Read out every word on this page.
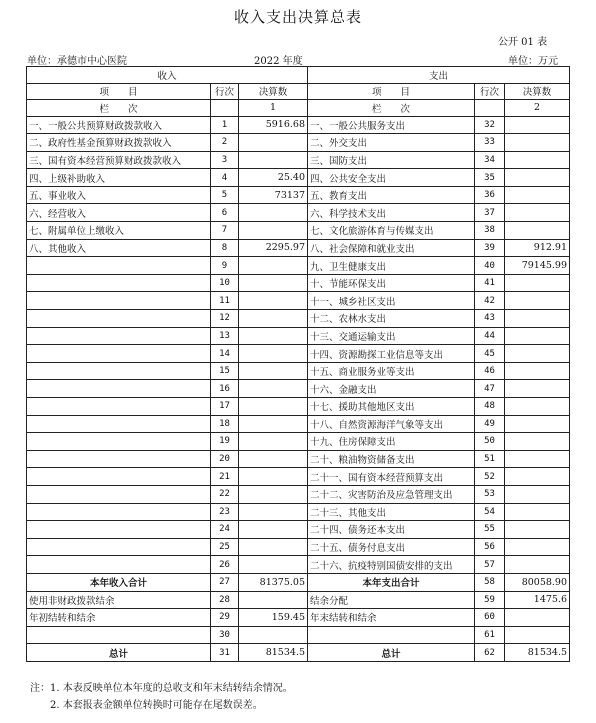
收入支出决算总表
公开 01 表
单位：承德市中心医院	2022 年度	单位：万元
收入			支出		
项　　目	行次	决算数	项　　目	行次	决算数
栏　　次		1	栏　　次		2
一、一般公共预算财政拨款收入	1	5916.68	一、一般公共服务支出	32	
二、政府性基金预算财政拨款收入	2		二、外交支出	33	
三、国有资本经营预算财政拨款收入	3		三、国防支出	34	
四、上级补助收入	4	25.40	四、公共安全支出	35	
五、事业收入	5	73137	五、教育支出	36	
六、经营收入	6		六、科学技术支出	37	
七、附属单位上缴收入	7		七、文化旅游体育与传媒支出	38	
八、其他收入	8	2295.97	八、社会保障和就业支出	39	912.91
	9		九、卫生健康支出	40	79145.99
	10		十、节能环保支出	41	
	11		十一、城乡社区支出	42	
	12		十二、农林水支出	43	
	13		十三、交通运输支出	44	
	14		十四、资源勘探工业信息等支出	45	
	15		十五、商业服务业等支出	46	
	16		十六、金融支出	47	
	17		十七、援助其他地区支出	48	
	18		十八、自然资源海洋气象等支出	49	
	19		十九、住房保障支出	50	
	20		二十、粮油物资储备支出	51	
	21		二十一、国有资本经营预算支出	52	
	22		二十二、灾害防治及应急管理支出	53	
	23		二十三、其他支出	54	
	24		二十四、债务还本支出	55	
	25		二十五、债务付息支出	56	
	26		二十六、抗疫特别国债安排的支出	57	
本年收入合计	27	81375.05	本年支出合计	58	80058.90
使用非财政拨款结余	28		结余分配	59	1475.6
年初结转和结余	29	159.45	年末结转和结余	60	
	30			61	
总计	31	81534.5	总计	62	81534.5
注：1. 本表反映单位本年度的总收支和年末结转结余情况。
2. 本套报表金额单位转换时可能存在尾数误差。
